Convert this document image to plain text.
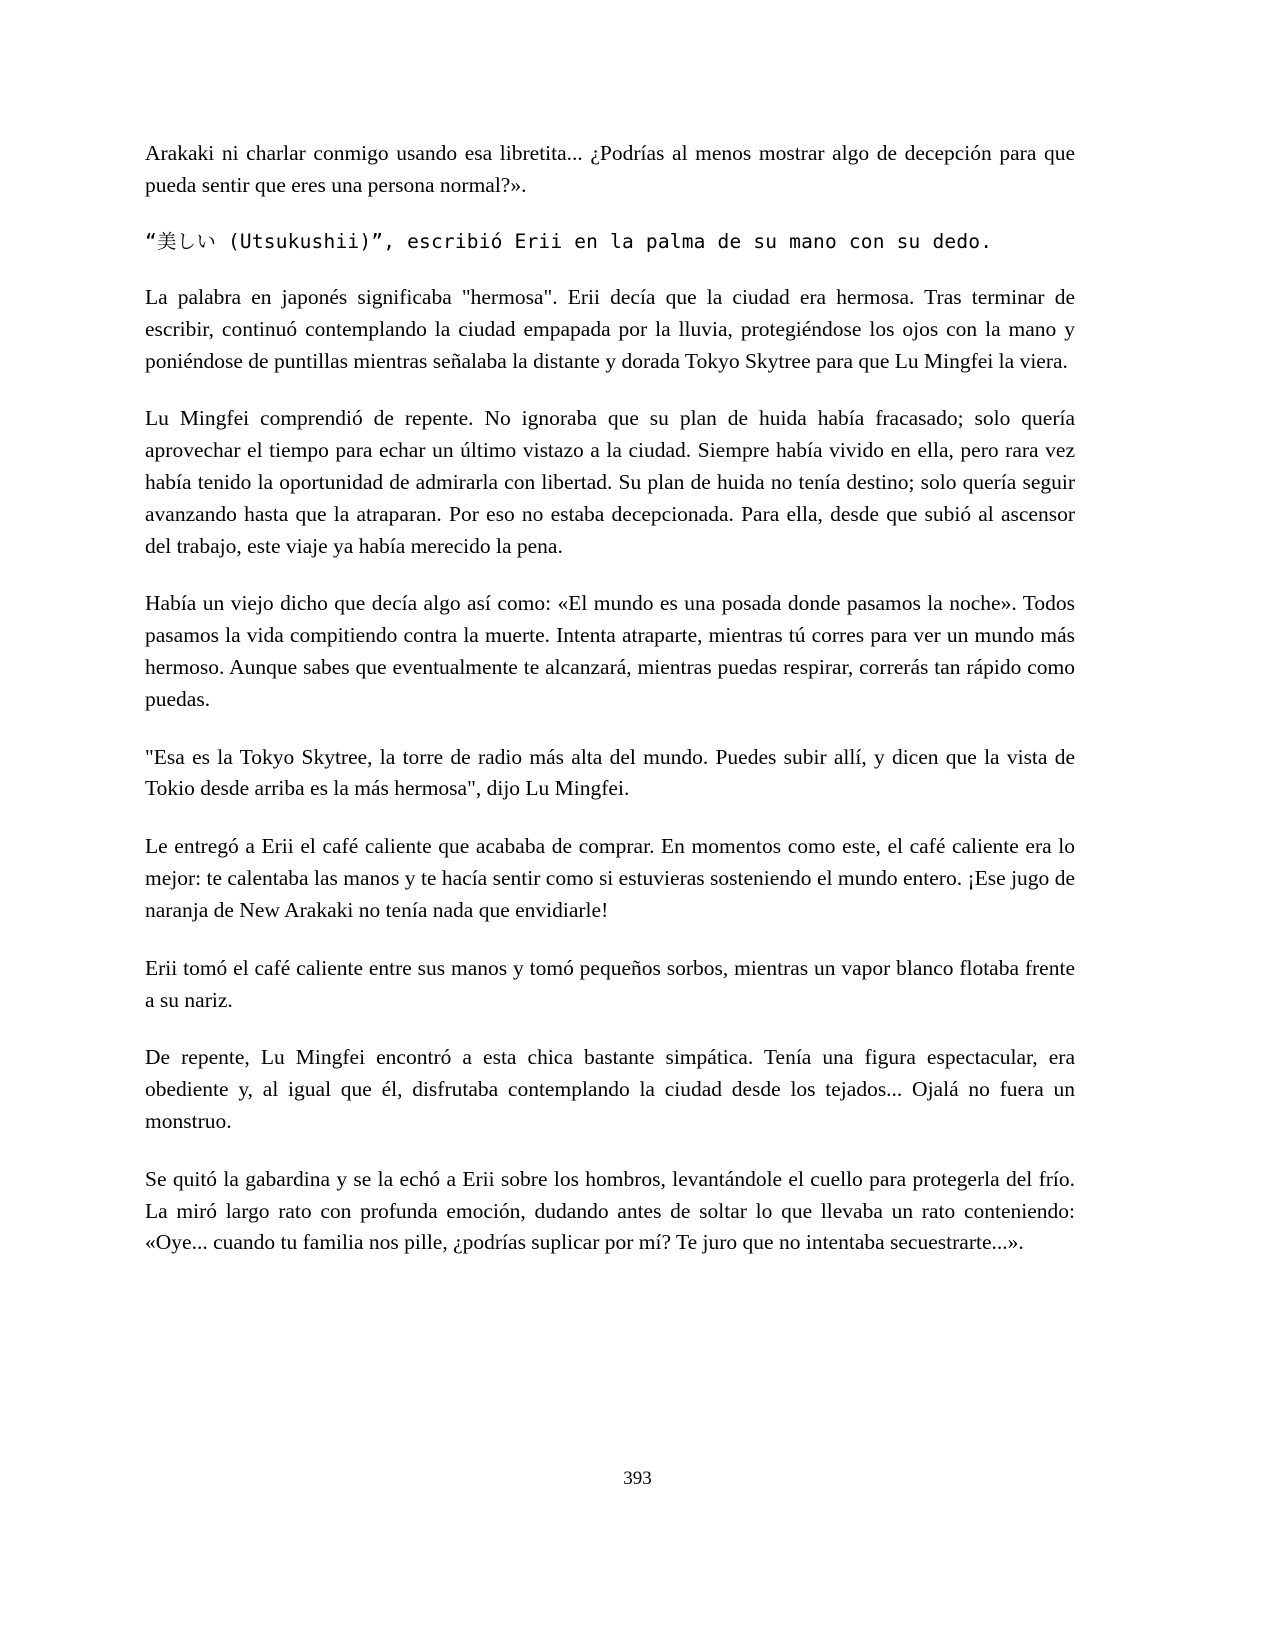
Arakaki ni charlar conmigo usando esa libretita... ¿Podrías al menos mostrar algo de decepción para que pueda sentir que eres una persona normal?».

“美しい (Utsukushii)”, escribió Erii en la palma de su mano con su dedo.

La palabra en japonés significaba "hermosa". Erii decía que la ciudad era hermosa. Tras terminar de escribir, continuó contemplando la ciudad empapada por la lluvia, protegiéndose los ojos con la mano y poniéndose de puntillas mientras señalaba la distante y dorada Tokyo Skytree para que Lu Mingfei la viera.

Lu Mingfei comprendió de repente. No ignoraba que su plan de huida había fracasado; solo quería aprovechar el tiempo para echar un último vistazo a la ciudad. Siempre había vivido en ella, pero rara vez había tenido la oportunidad de admirarla con libertad. Su plan de huida no tenía destino; solo quería seguir avanzando hasta que la atraparan. Por eso no estaba decepcionada. Para ella, desde que subió al ascensor del trabajo, este viaje ya había merecido la pena.

Había un viejo dicho que decía algo así como: «El mundo es una posada donde pasamos la noche». Todos pasamos la vida compitiendo contra la muerte. Intenta atraparte, mientras tú corres para ver un mundo más hermoso. Aunque sabes que eventualmente te alcanzará, mientras puedas respirar, correrás tan rápido como puedas.

"Esa es la Tokyo Skytree, la torre de radio más alta del mundo. Puedes subir allí, y dicen que la vista de Tokio desde arriba es la más hermosa", dijo Lu Mingfei.

Le entregó a Erii el café caliente que acababa de comprar. En momentos como este, el café caliente era lo mejor: te calentaba las manos y te hacía sentir como si estuvieras sosteniendo el mundo entero. ¡Ese jugo de naranja de New Arakaki no tenía nada que envidiarle!

Erii tomó el café caliente entre sus manos y tomó pequeños sorbos, mientras un vapor blanco flotaba frente a su nariz.

De repente, Lu Mingfei encontró a esta chica bastante simpática. Tenía una figura espectacular, era obediente y, al igual que él, disfrutaba contemplando la ciudad desde los tejados... Ojalá no fuera un monstruo.

Se quitó la gabardina y se la echó a Erii sobre los hombros, levantándole el cuello para protegerla del frío. La miró largo rato con profunda emoción, dudando antes de soltar lo que llevaba un rato conteniendo: «Oye... cuando tu familia nos pille, ¿podrías suplicar por mí? Te juro que no intentaba secuestrarte...».

393
